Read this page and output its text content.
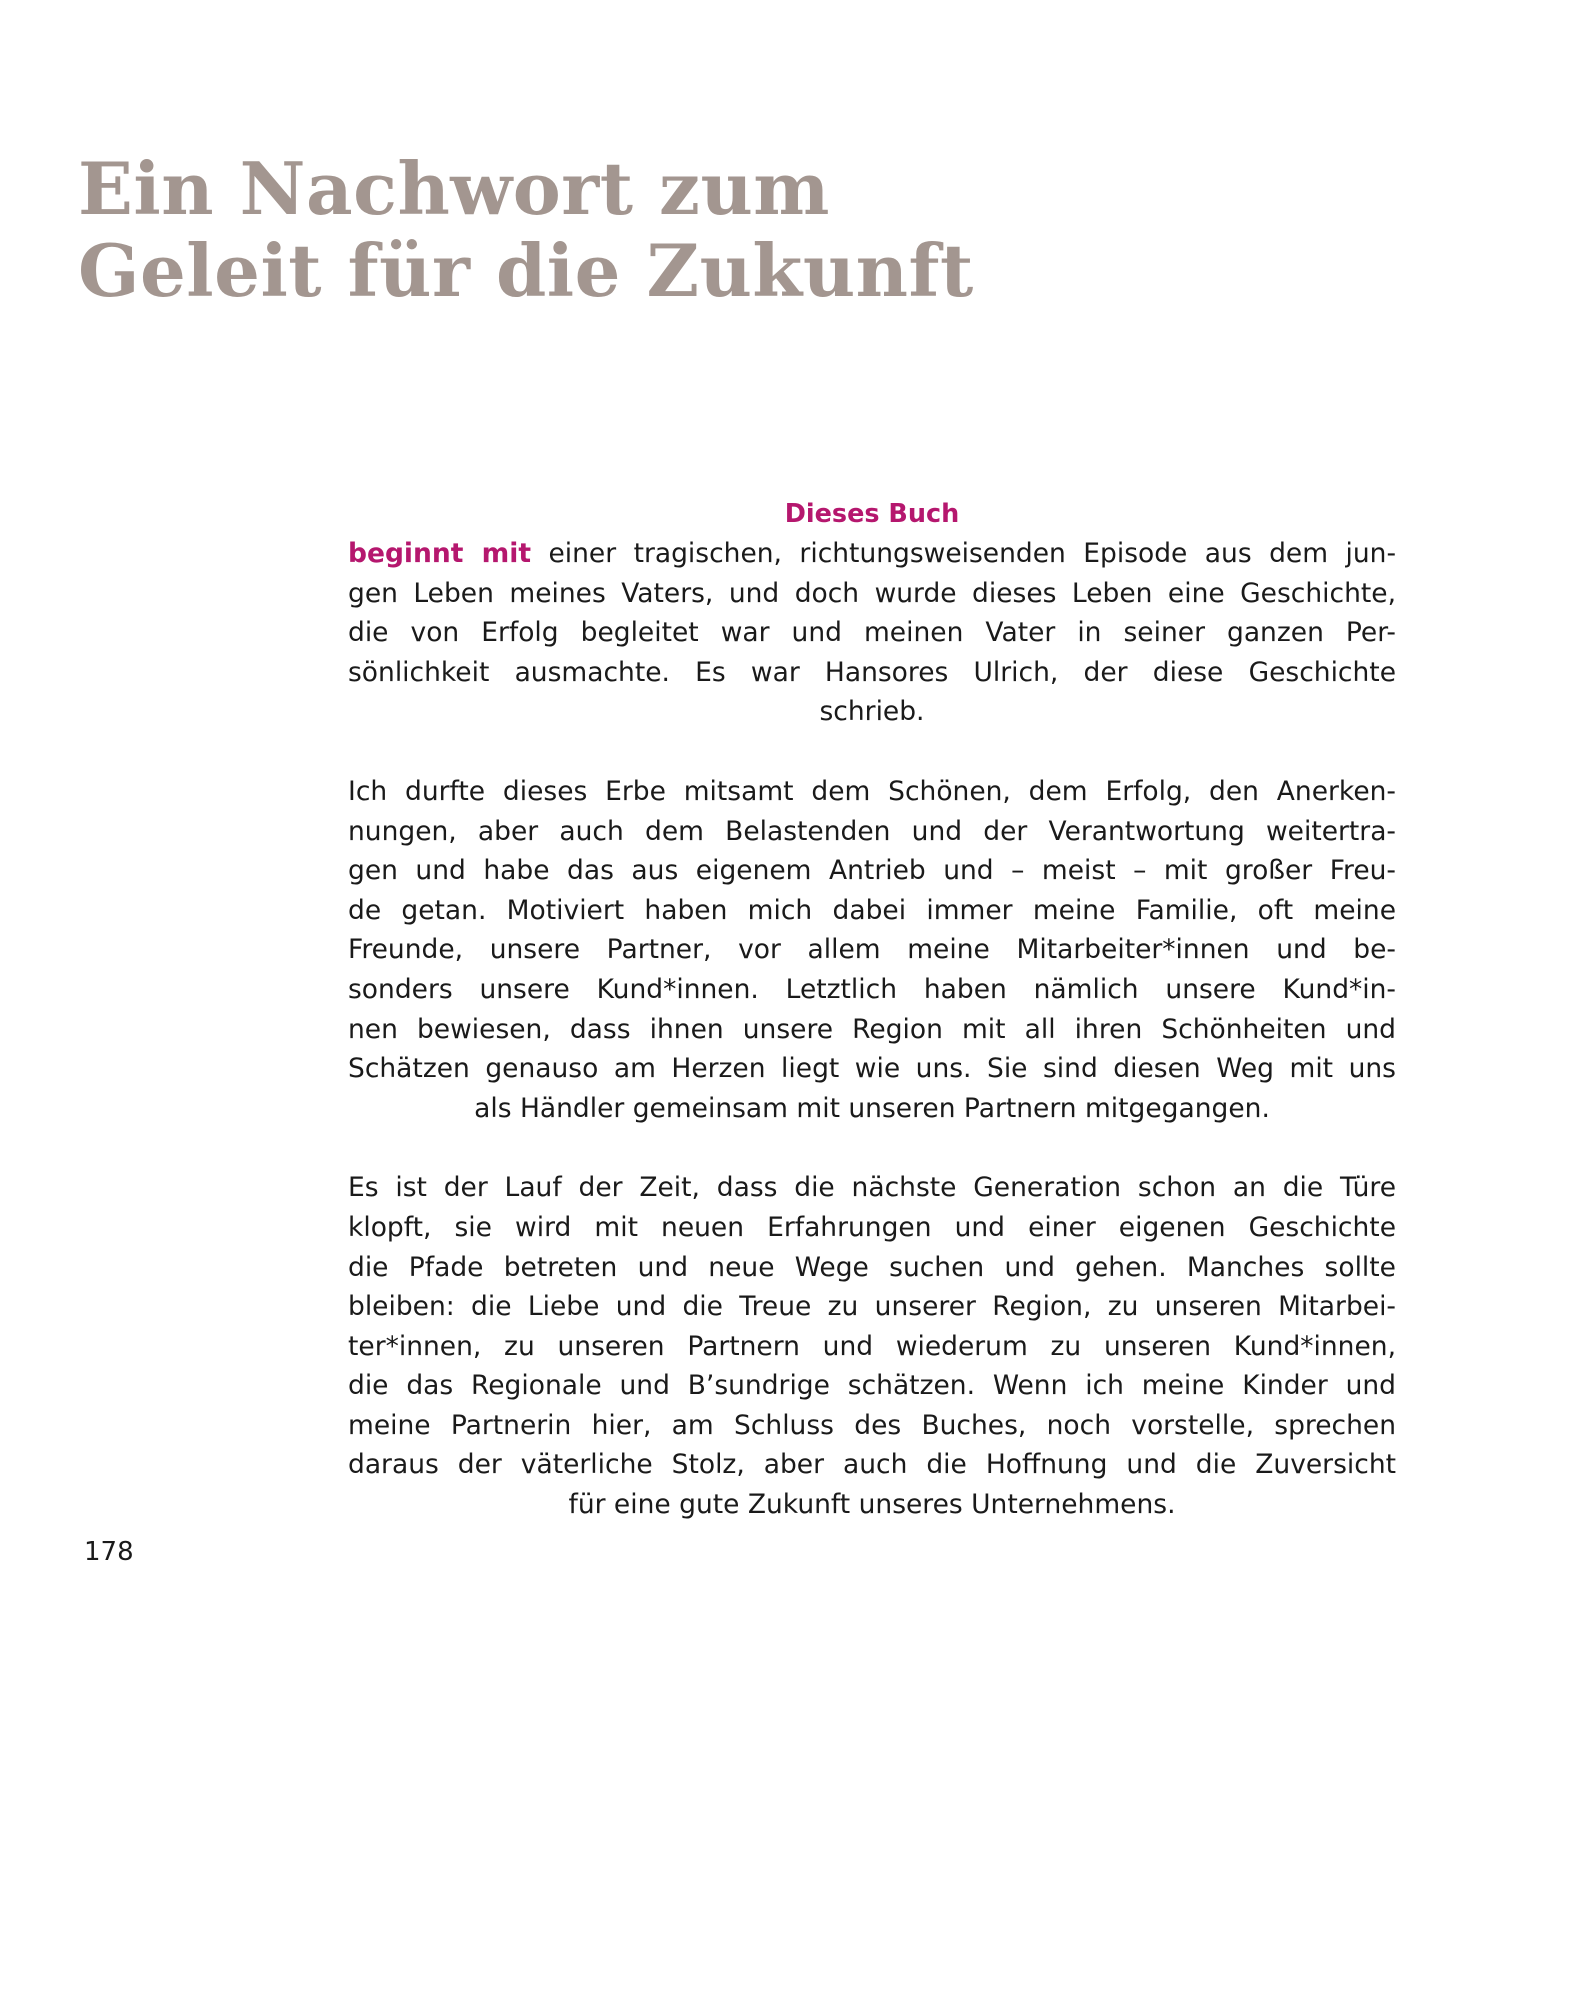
Ein Nachwort zum
Geleit für die Zukunft

Dieses Buch
beginnt mit einer tragischen, richtungsweisenden Episode aus dem jun-
gen Leben meines Vaters, und doch wurde dieses Leben eine Geschichte,
die von Erfolg begleitet war und meinen Vater in seiner ganzen Per-
sönlichkeit ausmachte. Es war Hansores Ulrich, der diese Geschichte
schrieb.

Ich durfte dieses Erbe mitsamt dem Schönen, dem Erfolg, den Anerken-
nungen, aber auch dem Belastenden und der Verantwortung weitertra-
gen und habe das aus eigenem Antrieb und – meist – mit großer Freu-
de getan. Motiviert haben mich dabei immer meine Familie, oft meine
Freunde, unsere Partner, vor allem meine Mitarbeiter*innen und be-
sonders unsere Kund*innen. Letztlich haben nämlich unsere Kund*in-
nen bewiesen, dass ihnen unsere Region mit all ihren Schönheiten und
Schätzen genauso am Herzen liegt wie uns. Sie sind diesen Weg mit uns
als Händler gemeinsam mit unseren Partnern mitgegangen.

Es ist der Lauf der Zeit, dass die nächste Generation schon an die Türe
klopft, sie wird mit neuen Erfahrungen und einer eigenen Geschichte
die Pfade betreten und neue Wege suchen und gehen. Manches sollte
bleiben: die Liebe und die Treue zu unserer Region, zu unseren Mitarbei-
ter*innen, zu unseren Partnern und wiederum zu unseren Kund*innen,
die das Regionale und B’sundrige schätzen. Wenn ich meine Kinder und
meine Partnerin hier, am Schluss des Buches, noch vorstelle, sprechen
daraus der väterliche Stolz, aber auch die Hoffnung und die Zuversicht
für eine gute Zukunft unseres Unternehmens.

178
